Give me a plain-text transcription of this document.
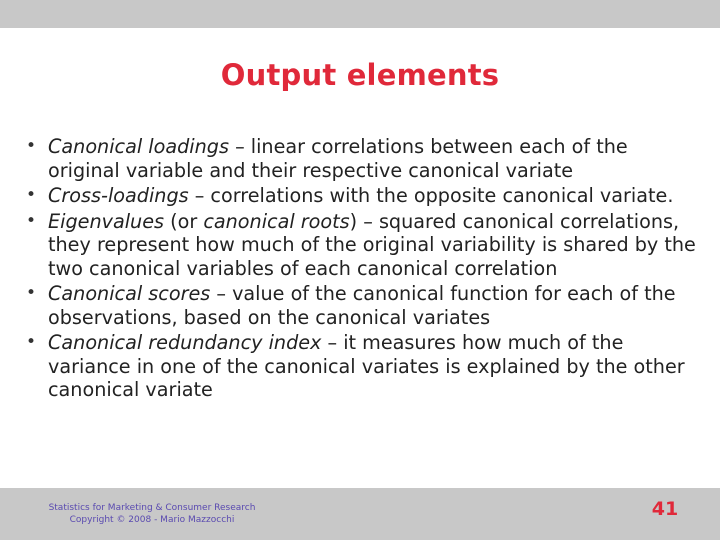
Output elements
• Canonical loadings – linear correlations between each of the original variable and their respective canonical variate
• Cross-loadings – correlations with the opposite canonical variate.
• Eigenvalues (or canonical roots) – squared canonical correlations, they represent how much of the original variability is shared by the two canonical variables of each canonical correlation
• Canonical scores – value of the canonical function for each of the observations, based on the canonical variates
• Canonical redundancy index – it measures how much of the variance in one of the canonical variates is explained by the other canonical variate
Statistics for Marketing & Consumer Research
Copyright © 2008 - Mario Mazzocchi	41
